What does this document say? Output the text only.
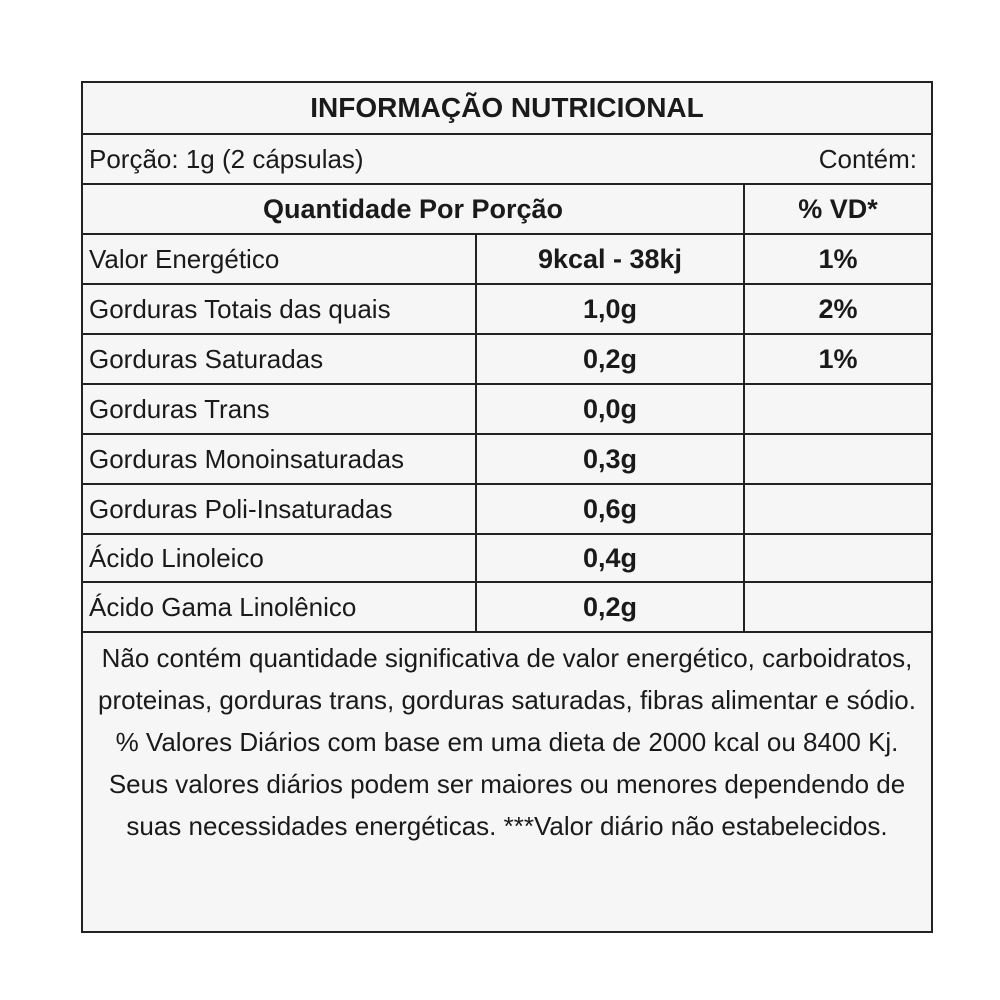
INFORMAÇÃO NUTRICIONAL
Porção: 1g (2 cápsulas)	Contém:
Quantidade Por Porção	% VD*
Valor Energético	9kcal - 38kj	1%
Gorduras Totais das quais	1,0g	2%
Gorduras Saturadas	0,2g	1%
Gorduras Trans	0,0g
Gorduras Monoinsaturadas	0,3g
Gorduras Poli-Insaturadas	0,6g
Ácido Linoleico	0,4g
Ácido Gama Linolênico	0,2g
Não contém quantidade significativa de valor energético, carboidratos, proteinas, gorduras trans, gorduras saturadas, fibras alimentar e sódio. % Valores Diários com base em uma dieta de 2000 kcal ou 8400 Kj. Seus valores diários podem ser maiores ou menores dependendo de suas necessidades energéticas. ***Valor diário não estabelecidos.
